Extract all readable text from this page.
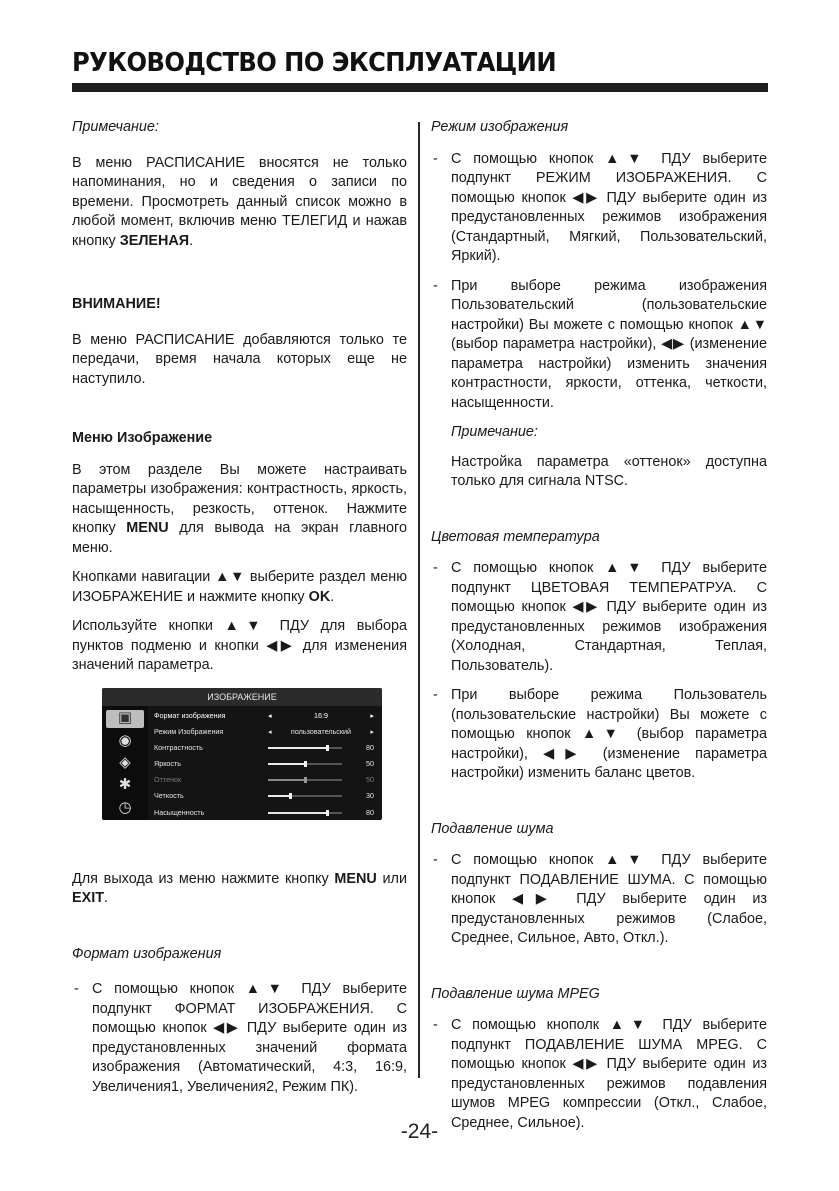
РУКОВОДСТВО ПО ЭКСПЛУАТАЦИИ
Примечание:

В меню РАСПИСАНИЕ вносятся не только напоминания, но и сведения о записи по времени. Просмотреть данный список можно в любой момент, включив меню ТЕЛЕГИД и нажав кнопку ЗЕЛЕНАЯ.

ВНИМАНИЕ!

В меню РАСПИСАНИЕ добавляются только те передачи, время начала которых еще не наступило.

Меню Изображение

В этом разделе Вы можете настраивать параметры изображения: контрастность, яркость, насыщенность, резкость, оттенок. Нажмите кнопку MENU для вывода на экран главного меню.

Кнопками навигации ▲▼ выберите раздел меню ИЗОБРАЖЕНИЕ и нажмите кнопку OK.

Используйте кнопки ▲▼ ПДУ для выбора пунктов подменю и кнопки ◀▶ для изменения значений параметра.

ИЗОБРАЖЕНИЕ
▣
◉
◈
✱
◷
Формат изображения	◂	16:9	▸
Режим Изображения	◂	пользовательский	▸
Контрастность	80
Яркость	50
Оттенок	50
Четкость	30
Насыщенность	80

Для выхода из меню нажмите кнопку MENU или EXIT.

Формат изображения

- С помощью кнопок ▲▼ ПДУ выберите подпункт ФОРМАТ ИЗОБРАЖЕНИЯ. С помощью кнопок ◀▶ ПДУ выберите один из предустановленных значений формата изображения (Автоматический, 4:3, 16:9, Увеличения1, Увеличения2, Режим ПК).

Режим изображения

- С помощью кнопок ▲▼ ПДУ выберите подпункт РЕЖИМ ИЗОБРАЖЕНИЯ. С помощью кнопок ◀▶ ПДУ выберите один из предустановленных режимов изображения (Стандартный, Мягкий, Пользовательский, Яркий).

- При выборе режима изображения Пользовательский (пользовательские настройки) Вы можете с помощью кнопок ▲▼ (выбор параметра настройки), ◀▶ (изменение параметра настройки) изменить значения контрастности, яркости, оттенка, четкости, насыщенности.

Примечание:

Настройка параметра «оттенок» доступна только для сигнала NTSC.

Цветовая температура

- С помощью кнопок ▲▼ ПДУ выберите подпункт ЦВЕТОВАЯ ТЕМПЕРАТРУА. С помощью кнопок ◀▶ ПДУ выберите один из предустановленных режимов изображения (Холодная, Стандартная, Теплая, Пользователь).

- При выборе режима Пользователь (пользовательские настройки) Вы можете с помощью кнопок ▲▼ (выбор параметра настройки), ◀▶ (изменение параметра настройки) изменить баланс цветов.

Подавление шума

- С помощью кнопок ▲▼ ПДУ выберите подпункт ПОДАВЛЕНИЕ ШУМА. С помощью кнопок ◀▶ ПДУ выберите один из предустановленных режимов (Слабое, Среднее, Сильное, Авто, Откл.).

Подавление шума MPEG

- С помощью кнополк ▲▼ ПДУ выберите подпункт ПОДАВЛЕНИЕ ШУМА MPEG. С помощью кнопок ◀▶ ПДУ выберите один из предустановленных режимов подавления шумов MPEG компрессии (Откл., Слабое, Среднее, Сильное).

-24-
